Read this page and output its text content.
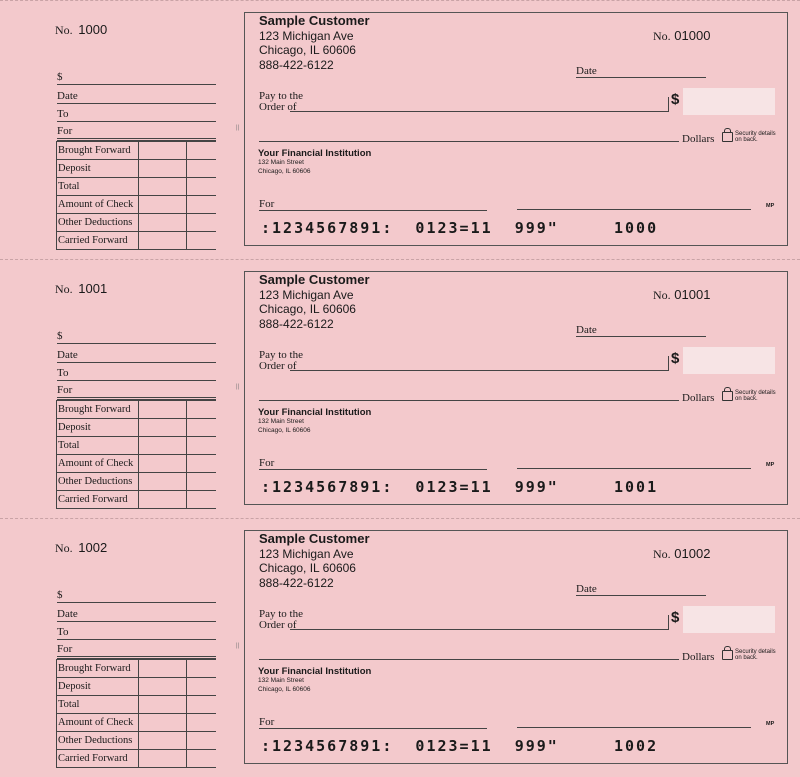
No. 1000
$
Date
To
For
Brought Forward		
Deposit		
Total		
Amount of Check		
Other Deductions		
Carried Forward		
||
Sample Customer
123 Michigan Ave
Chicago, IL 60606
888-422-6122
No. 01000
Date
Pay to the
Order of	$
Dollars	Security details
on back.
Your Financial Institution
132 Main Street
Chicago, IL 60606
For	MP
:1234567891:  0123=11  999"     1000
No. 1001
$
Date
To
For
Brought Forward		
Deposit		
Total		
Amount of Check		
Other Deductions		
Carried Forward		
||
Sample Customer
123 Michigan Ave
Chicago, IL 60606
888-422-6122
No. 01001
Date
Pay to the
Order of	$
Dollars	Security details
on back.
Your Financial Institution
132 Main Street
Chicago, IL 60606
For	MP
:1234567891:  0123=11  999"     1001
No. 1002
$
Date
To
For
Brought Forward		
Deposit		
Total		
Amount of Check		
Other Deductions		
Carried Forward		
||
Sample Customer
123 Michigan Ave
Chicago, IL 60606
888-422-6122
No. 01002
Date
Pay to the
Order of	$
Dollars	Security details
on back.
Your Financial Institution
132 Main Street
Chicago, IL 60606
For	MP
:1234567891:  0123=11  999"     1002
